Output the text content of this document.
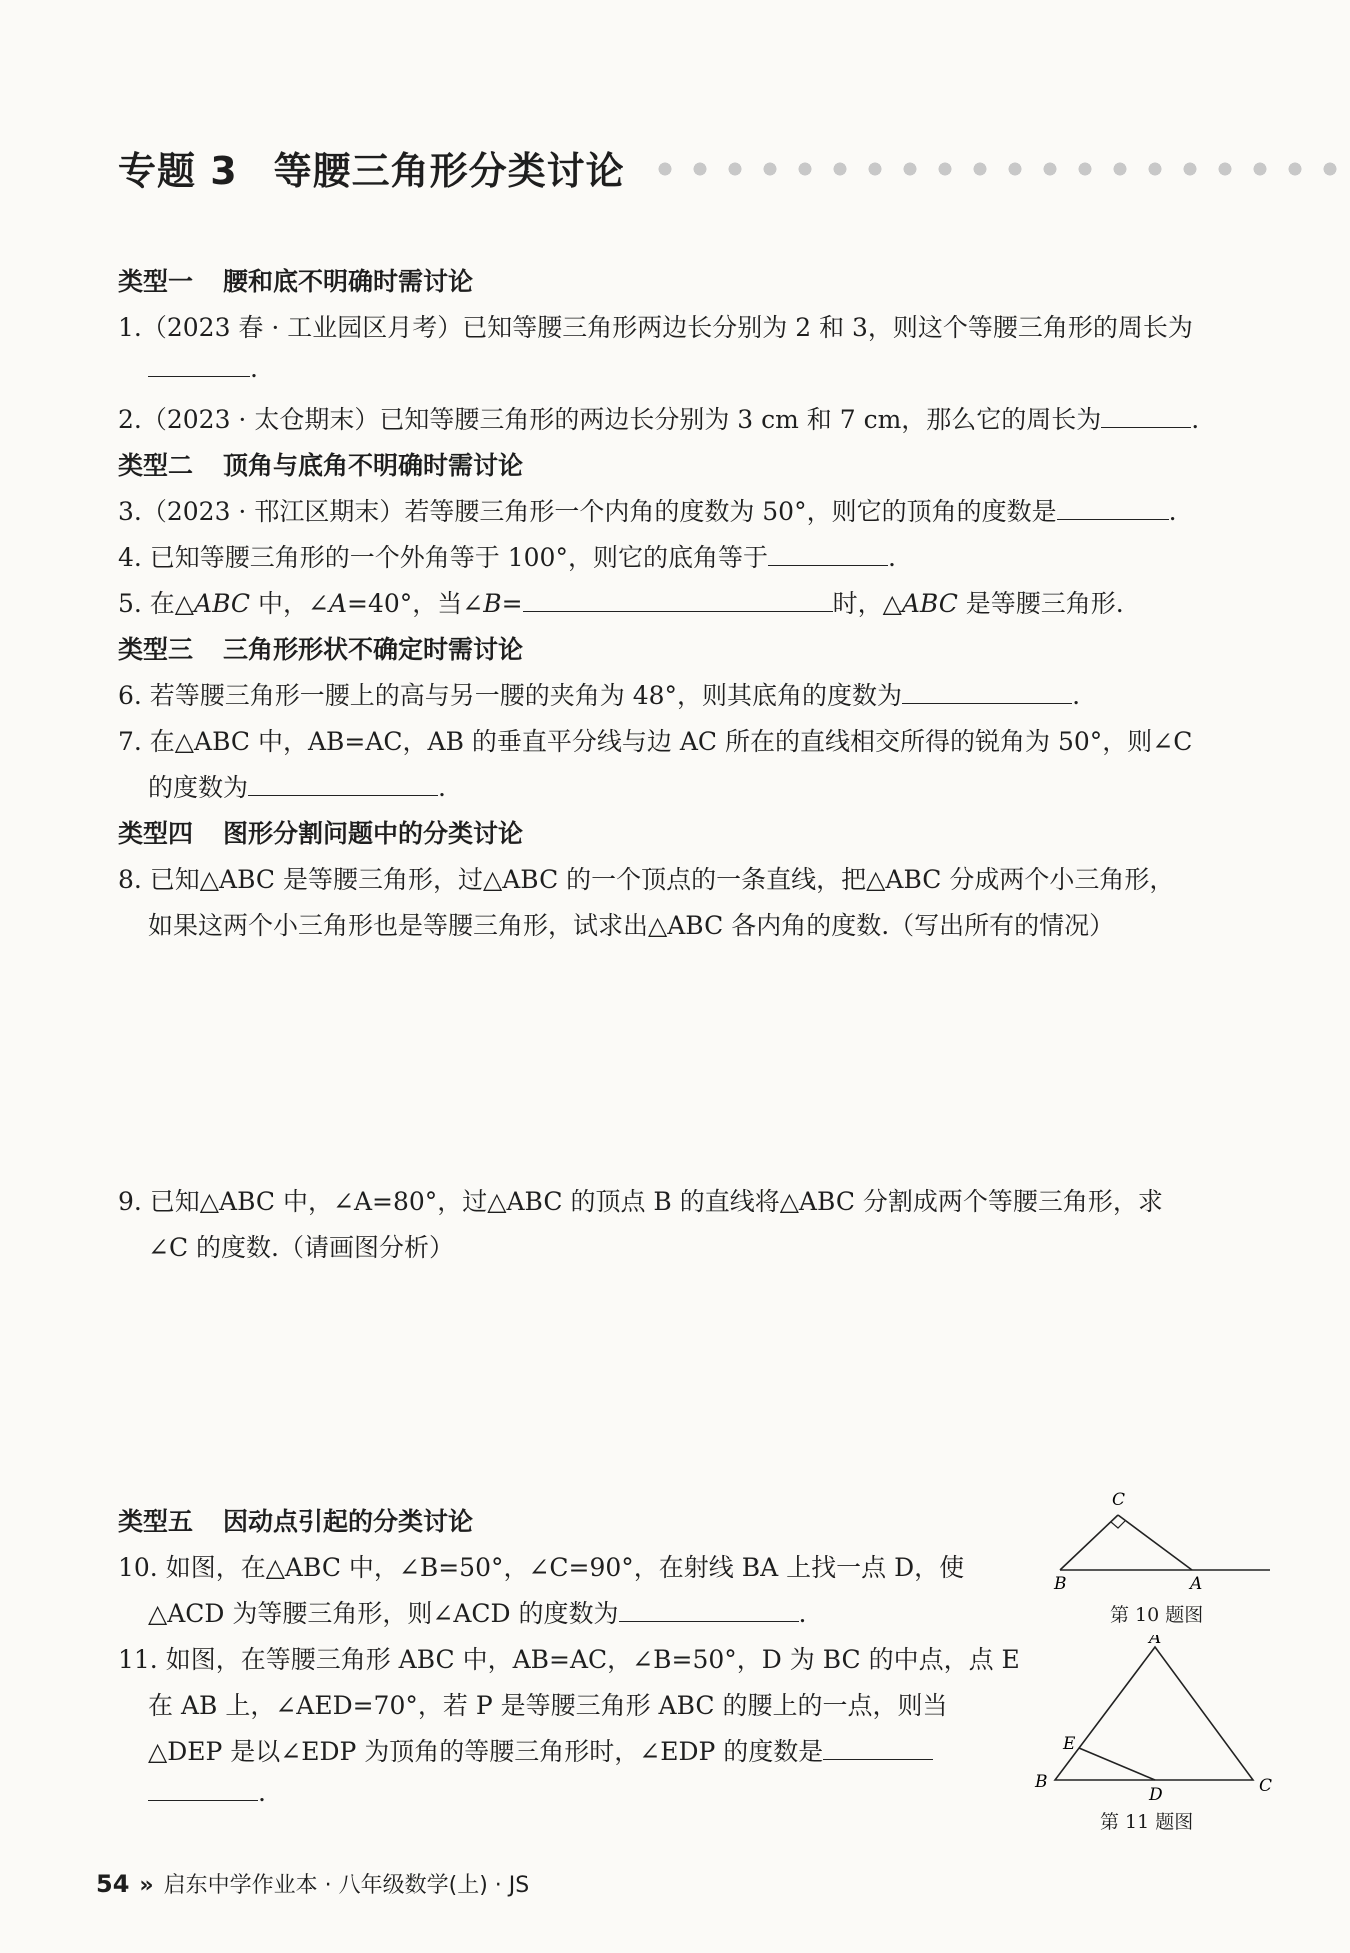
专题 3 等腰三角形分类讨论
类型一 腰和底不明确时需讨论
1.（2023 春 · 工业园区月考）已知等腰三角形两边长分别为 2 和 3，则这个等腰三角形的周长为
.
2.（2023 · 太仓期末）已知等腰三角形的两边长分别为 3 cm 和 7 cm，那么它的周长为	.
类型二 顶角与底角不明确时需讨论
3.（2023 · 邗江区期末）若等腰三角形一个内角的度数为 50°，则它的顶角的度数是	.
4. 已知等腰三角形的一个外角等于 100°，则它的底角等于	.
5. 在△ABC 中，∠A=40°，当∠B=	时，△ABC 是等腰三角形.
类型三 三角形形状不确定时需讨论
6. 若等腰三角形一腰上的高与另一腰的夹角为 48°，则其底角的度数为	.
7. 在△ABC 中，AB=AC，AB 的垂直平分线与边 AC 所在的直线相交所得的锐角为 50°，则∠C
的度数为	.
类型四 图形分割问题中的分类讨论
8. 已知△ABC 是等腰三角形，过△ABC 的一个顶点的一条直线，把△ABC 分成两个小三角形，
如果这两个小三角形也是等腰三角形，试求出△ABC 各内角的度数.（写出所有的情况）
9. 已知△ABC 中，∠A=80°，过△ABC 的顶点 B 的直线将△ABC 分割成两个等腰三角形，求
∠C 的度数.（请画图分析）
类型五 因动点引起的分类讨论
10. 如图，在△ABC 中，∠B=50°，∠C=90°，在射线 BA 上找一点 D，使
△ACD 为等腰三角形，则∠ACD 的度数为	.
11. 如图，在等腰三角形 ABC 中，AB=AC，∠B=50°，D 为 BC 的中点，点 E
在 AB 上，∠AED=70°，若 P 是等腰三角形 ABC 的腰上的一点，则当
△DEP 是以∠EDP 为顶角的等腰三角形时，∠EDP 的度数是
.
C
B	A
第 10 题图
A
E
B
D	C
第 11 题图
54 » 启东中学作业本 · 八年级数学(上) · JS
